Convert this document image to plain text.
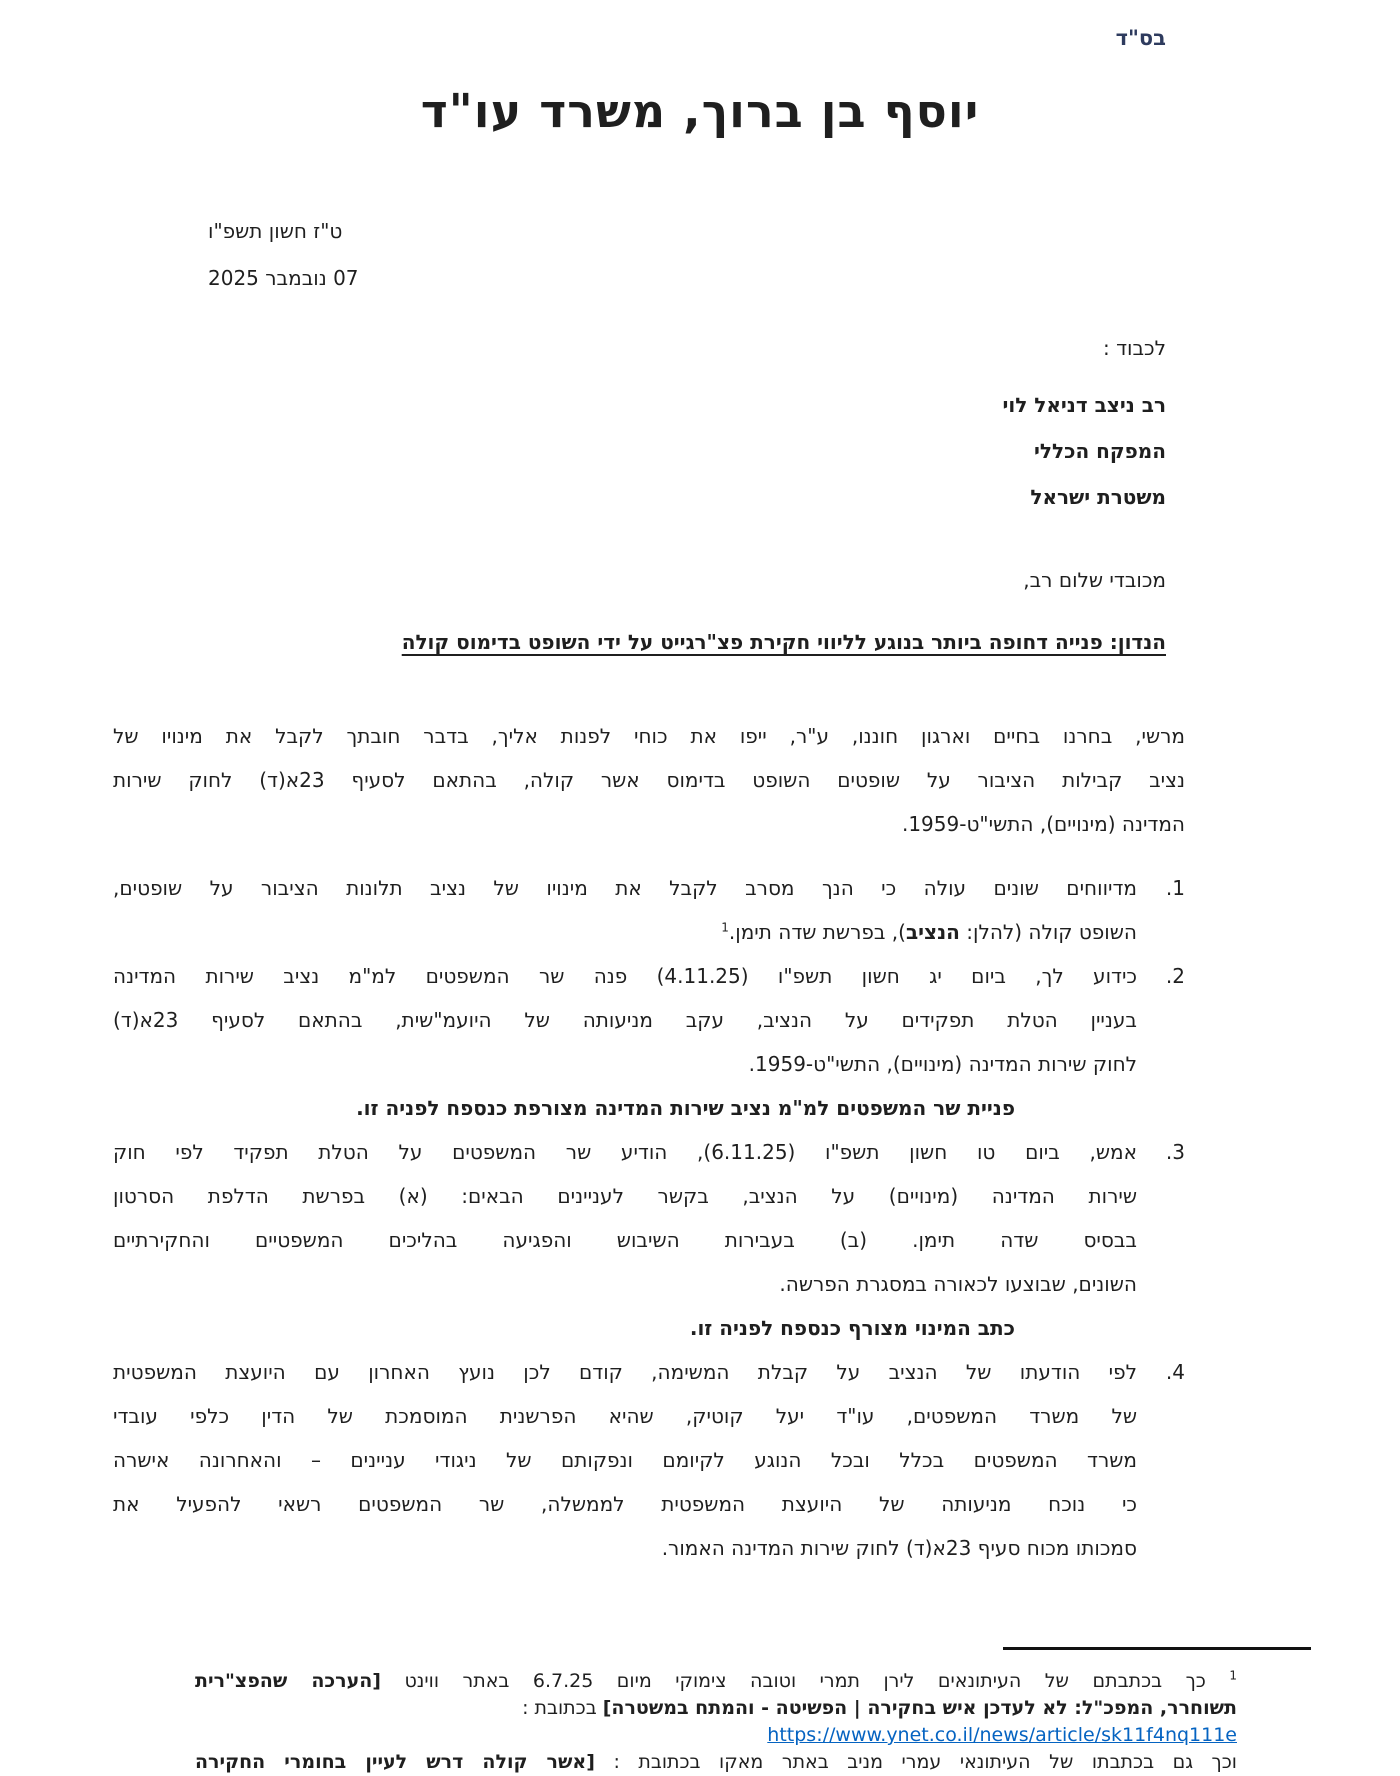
בס"ד
יוסף בן ברוך, משרד עו"ד
ט"ז חשון תשפ"ו
07 נובמבר 2025
לכבוד :
רב ניצב דניאל לוי
המפקח הכללי
משטרת ישראל
מכובדי שלום רב,
הנדון: פנייה דחופה ביותר בנוגע לליווי חקירת פצ"רגייט על ידי השופט בדימוס קולה
מרשי, בחרנו בחיים וארגון חוננו, ע"ר, ייפו את כוחי לפנות אליך, בדבר חובתך לקבל את מינויו של
נציב קבילות הציבור על שופטים השופט בדימוס אשר קולה, בהתאם לסעיף 23א(ד) לחוק שירות
המדינה (מינויים), התשי"ט-1959.
1.
מדיווחים שונים עולה כי הנך מסרב לקבל את מינויו של נציב תלונות הציבור על שופטים,
השופט קולה (להלן: הנציב), בפרשת שדה תימן.$^1$
2.
כידוע לך, ביום יג חשון תשפ"ו (4.11.25) פנה שר המשפטים למ"מ נציב שירות המדינה
בעניין הטלת תפקידים על הנציב, עקב מניעותה של היועמ"שית, בהתאם לסעיף 23א(ד)
לחוק שירות המדינה (מינויים), התשי"ט-1959.
פניית שר המשפטים למ"מ נציב שירות המדינה מצורפת כנספח לפניה זו.
3.
אמש, ביום טו חשון תשפ"ו (6.11.25), הודיע שר המשפטים על הטלת תפקיד לפי חוק
שירות המדינה (מינויים) על הנציב, בקשר לעניינים הבאים: (א) בפרשת הדלפת הסרטון
בבסיס שדה תימן. (ב) בעבירות השיבוש והפגיעה בהליכים המשפטיים והחקירתיים
השונים, שבוצעו לכאורה במסגרת הפרשה.
כתב המינוי מצורף כנספח לפניה זו.
4.
לפי הודעתו של הנציב על קבלת המשימה, קודם לכן נועץ האחרון עם היועצת המשפטית
של משרד המשפטים, עו"ד יעל קוטיק, שהיא הפרשנית המוסמכת של הדין כלפי עובדי
משרד המשפטים בכלל ובכל הנוגע לקיומם ונפקותם של ניגודי עניינים – והאחרונה אישרה
כי נוכח מניעותה של היועצת המשפטית לממשלה, שר המשפטים רשאי להפעיל את
סמכותו מכוח סעיף 23א(ד) לחוק שירות המדינה האמור.
$^1$ כך בכתבתם של העיתונאים לירן תמרי וטובה צימוקי מיום 6.7.25 באתר ווינט [הערכה שהפצ"רית
תשוחרר, המפכ"ל: לא לעדכן איש בחקירה | הפשיטה - והמתח במשטרה] בכתובת :
https://www.ynet.co.il/news/article/sk11f4nq111e
וכך גם בכתבתו של העיתונאי עמרי מניב באתר מאקו בכתובת : [אשר קולה דרש לעיין בחומרי החקירה
